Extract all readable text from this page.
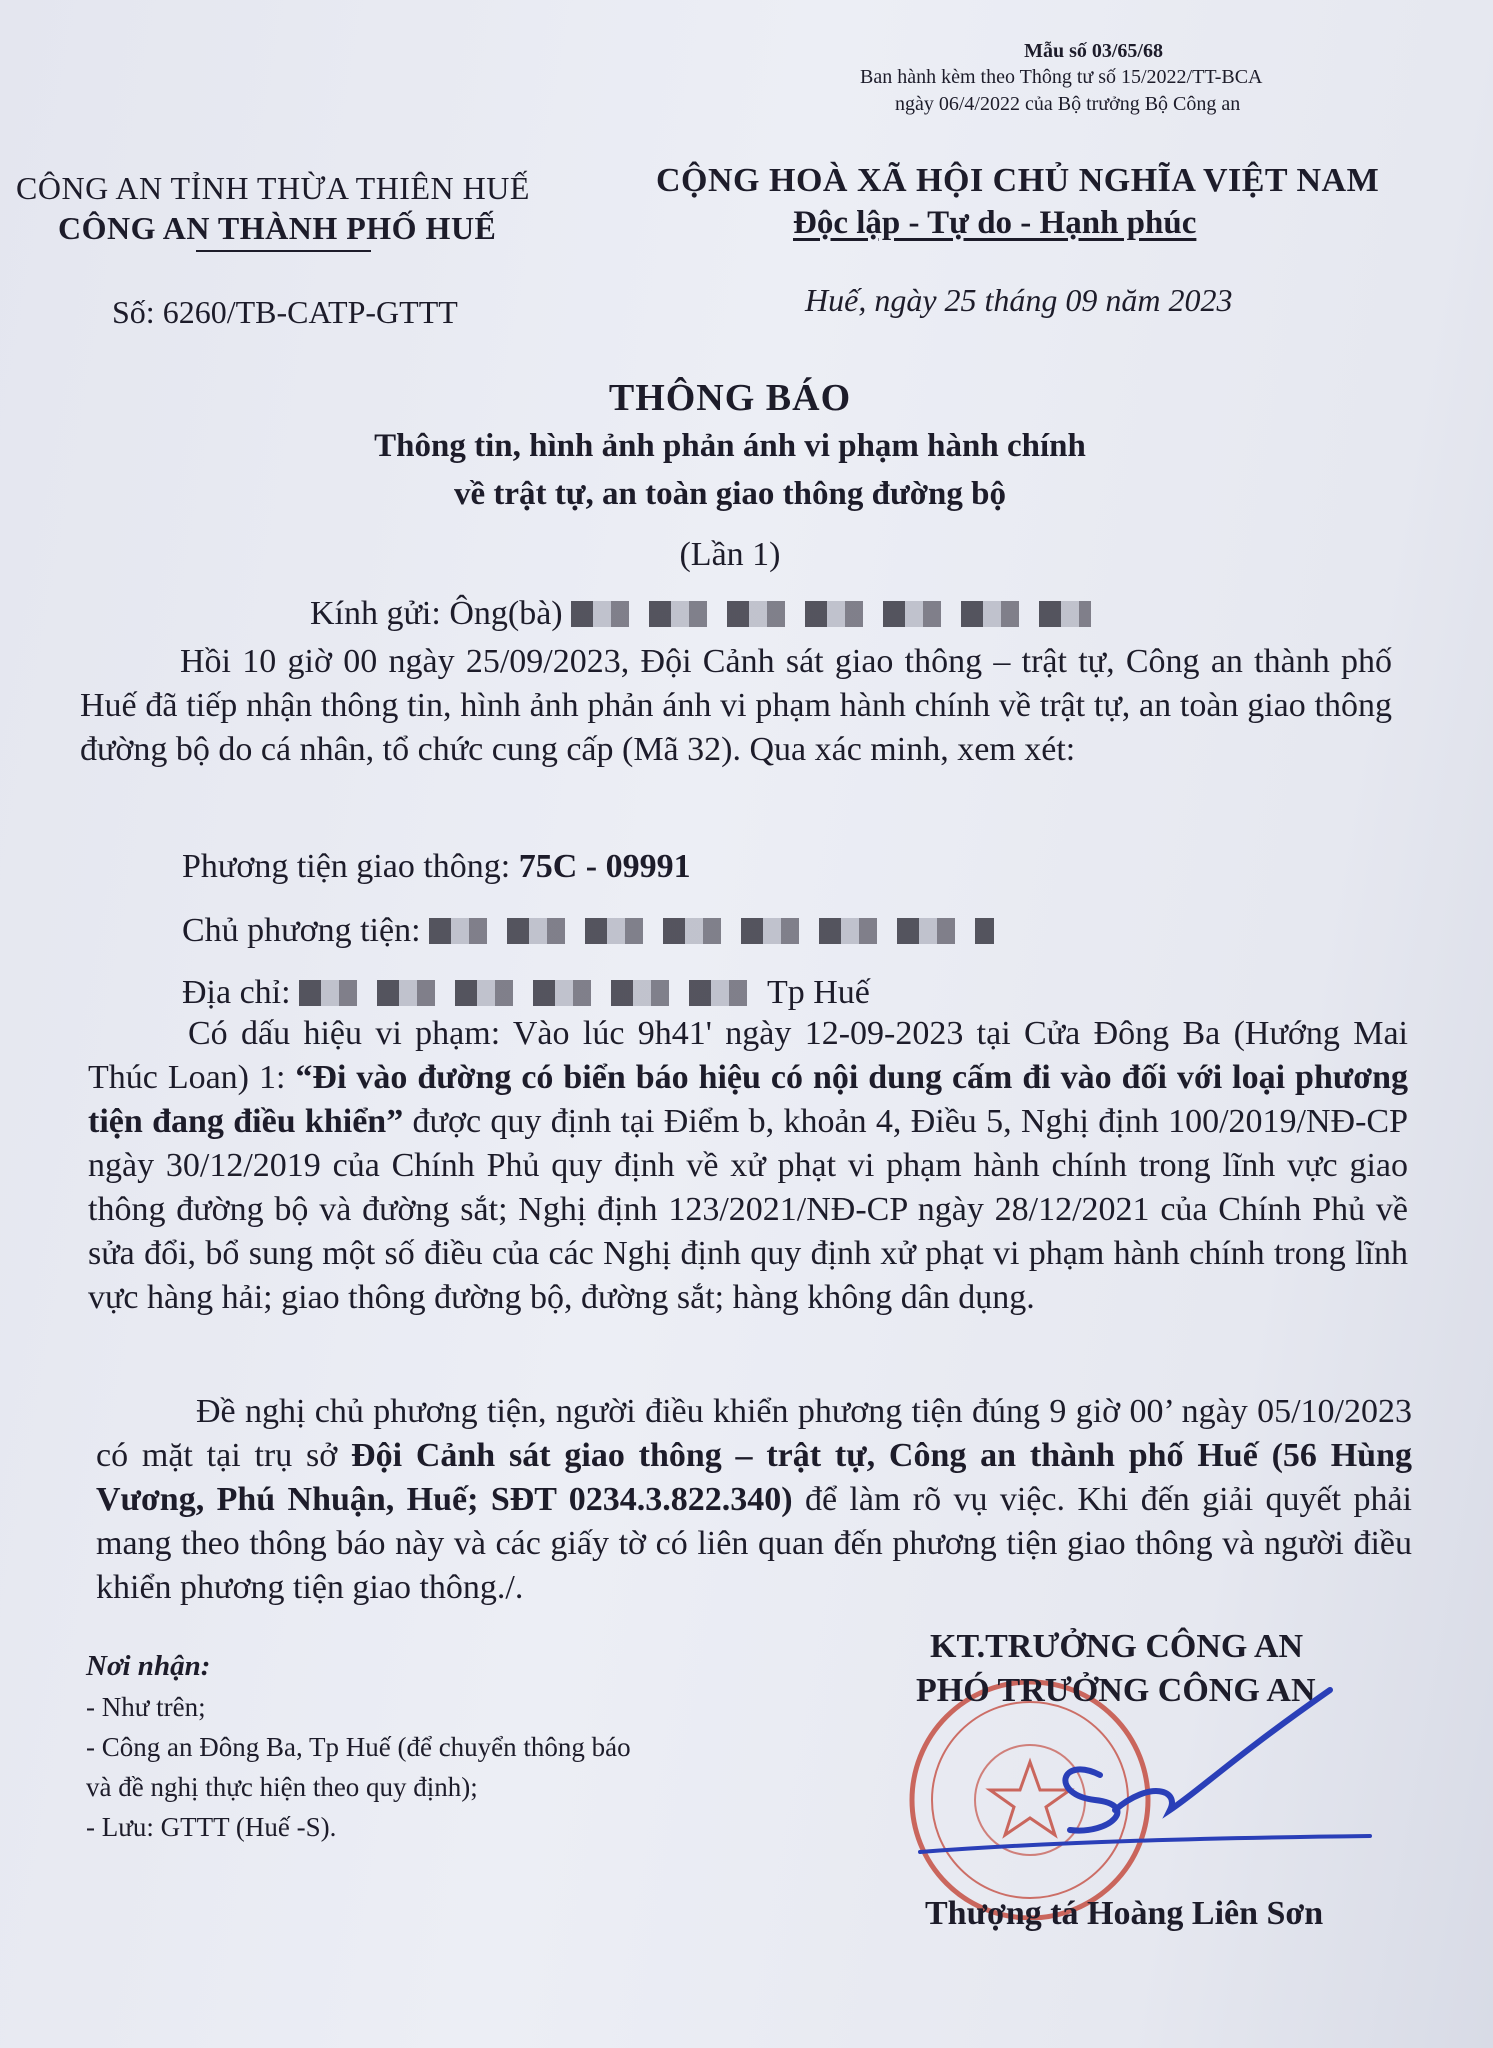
Mẫu số 03/65/68
Ban hành kèm theo Thông tư số 15/2022/TT-BCA
ngày 06/4/2022 của Bộ trưởng Bộ Công an
CÔNG AN TỈNH THỪA THIÊN HUẾ
CÔNG AN THÀNH PHỐ HUẾ
CỘNG HOÀ XÃ HỘI CHỦ NGHĨA VIỆT NAM
Độc lập - Tự do - Hạnh phúc
Số: 6260/TB-CATP-GTTT	Huế, ngày 25 tháng 09 năm 2023
THÔNG BÁO
Thông tin, hình ảnh phản ánh vi phạm hành chính
về trật tự, an toàn giao thông đường bộ
(Lần 1)
Kính gửi: Ông(bà)
Hồi 10 giờ 00 ngày 25/09/2023, Đội Cảnh sát giao thông – trật tự, Công an thành phố Huế đã tiếp nhận thông tin, hình ảnh phản ánh vi phạm hành chính về trật tự, an toàn giao thông đường bộ do cá nhân, tổ chức cung cấp (Mã 32). Qua xác minh, xem xét:
Phương tiện giao thông: 75C - 09991
Chủ phương tiện:
Địa chỉ:	Tp Huế
Có dấu hiệu vi phạm: Vào lúc 9h41' ngày 12-09-2023 tại Cửa Đông Ba (Hướng Mai Thúc Loan) 1: “Đi vào đường có biển báo hiệu có nội dung cấm đi vào đối với loại phương tiện đang điều khiển” được quy định tại Điểm b, khoản 4, Điều 5, Nghị định 100/2019/NĐ-CP ngày 30/12/2019 của Chính Phủ quy định về xử phạt vi phạm hành chính trong lĩnh vực giao thông đường bộ và đường sắt; Nghị định 123/2021/NĐ-CP ngày 28/12/2021 của Chính Phủ về sửa đổi, bổ sung một số điều của các Nghị định quy định xử phạt vi phạm hành chính trong lĩnh vực hàng hải; giao thông đường bộ, đường sắt; hàng không dân dụng.
Đề nghị chủ phương tiện, người điều khiển phương tiện đúng 9 giờ 00’ ngày 05/10/2023 có mặt tại trụ sở Đội Cảnh sát giao thông – trật tự, Công an thành phố Huế (56 Hùng Vương, Phú Nhuận, Huế; SĐT 0234.3.822.340) để làm rõ vụ việc. Khi đến giải quyết phải mang theo thông báo này và các giấy tờ có liên quan đến phương tiện giao thông và người điều khiển phương tiện giao thông./.
Nơi nhận:
- Như trên;
- Công an Đông Ba, Tp Huế (để chuyển thông báo
và đề nghị thực hiện theo quy định);
- Lưu: GTTT (Huế -S).
KT.TRƯỞNG CÔNG AN
PHÓ TRƯỞNG CÔNG AN
Thượng tá Hoàng Liên Sơn
